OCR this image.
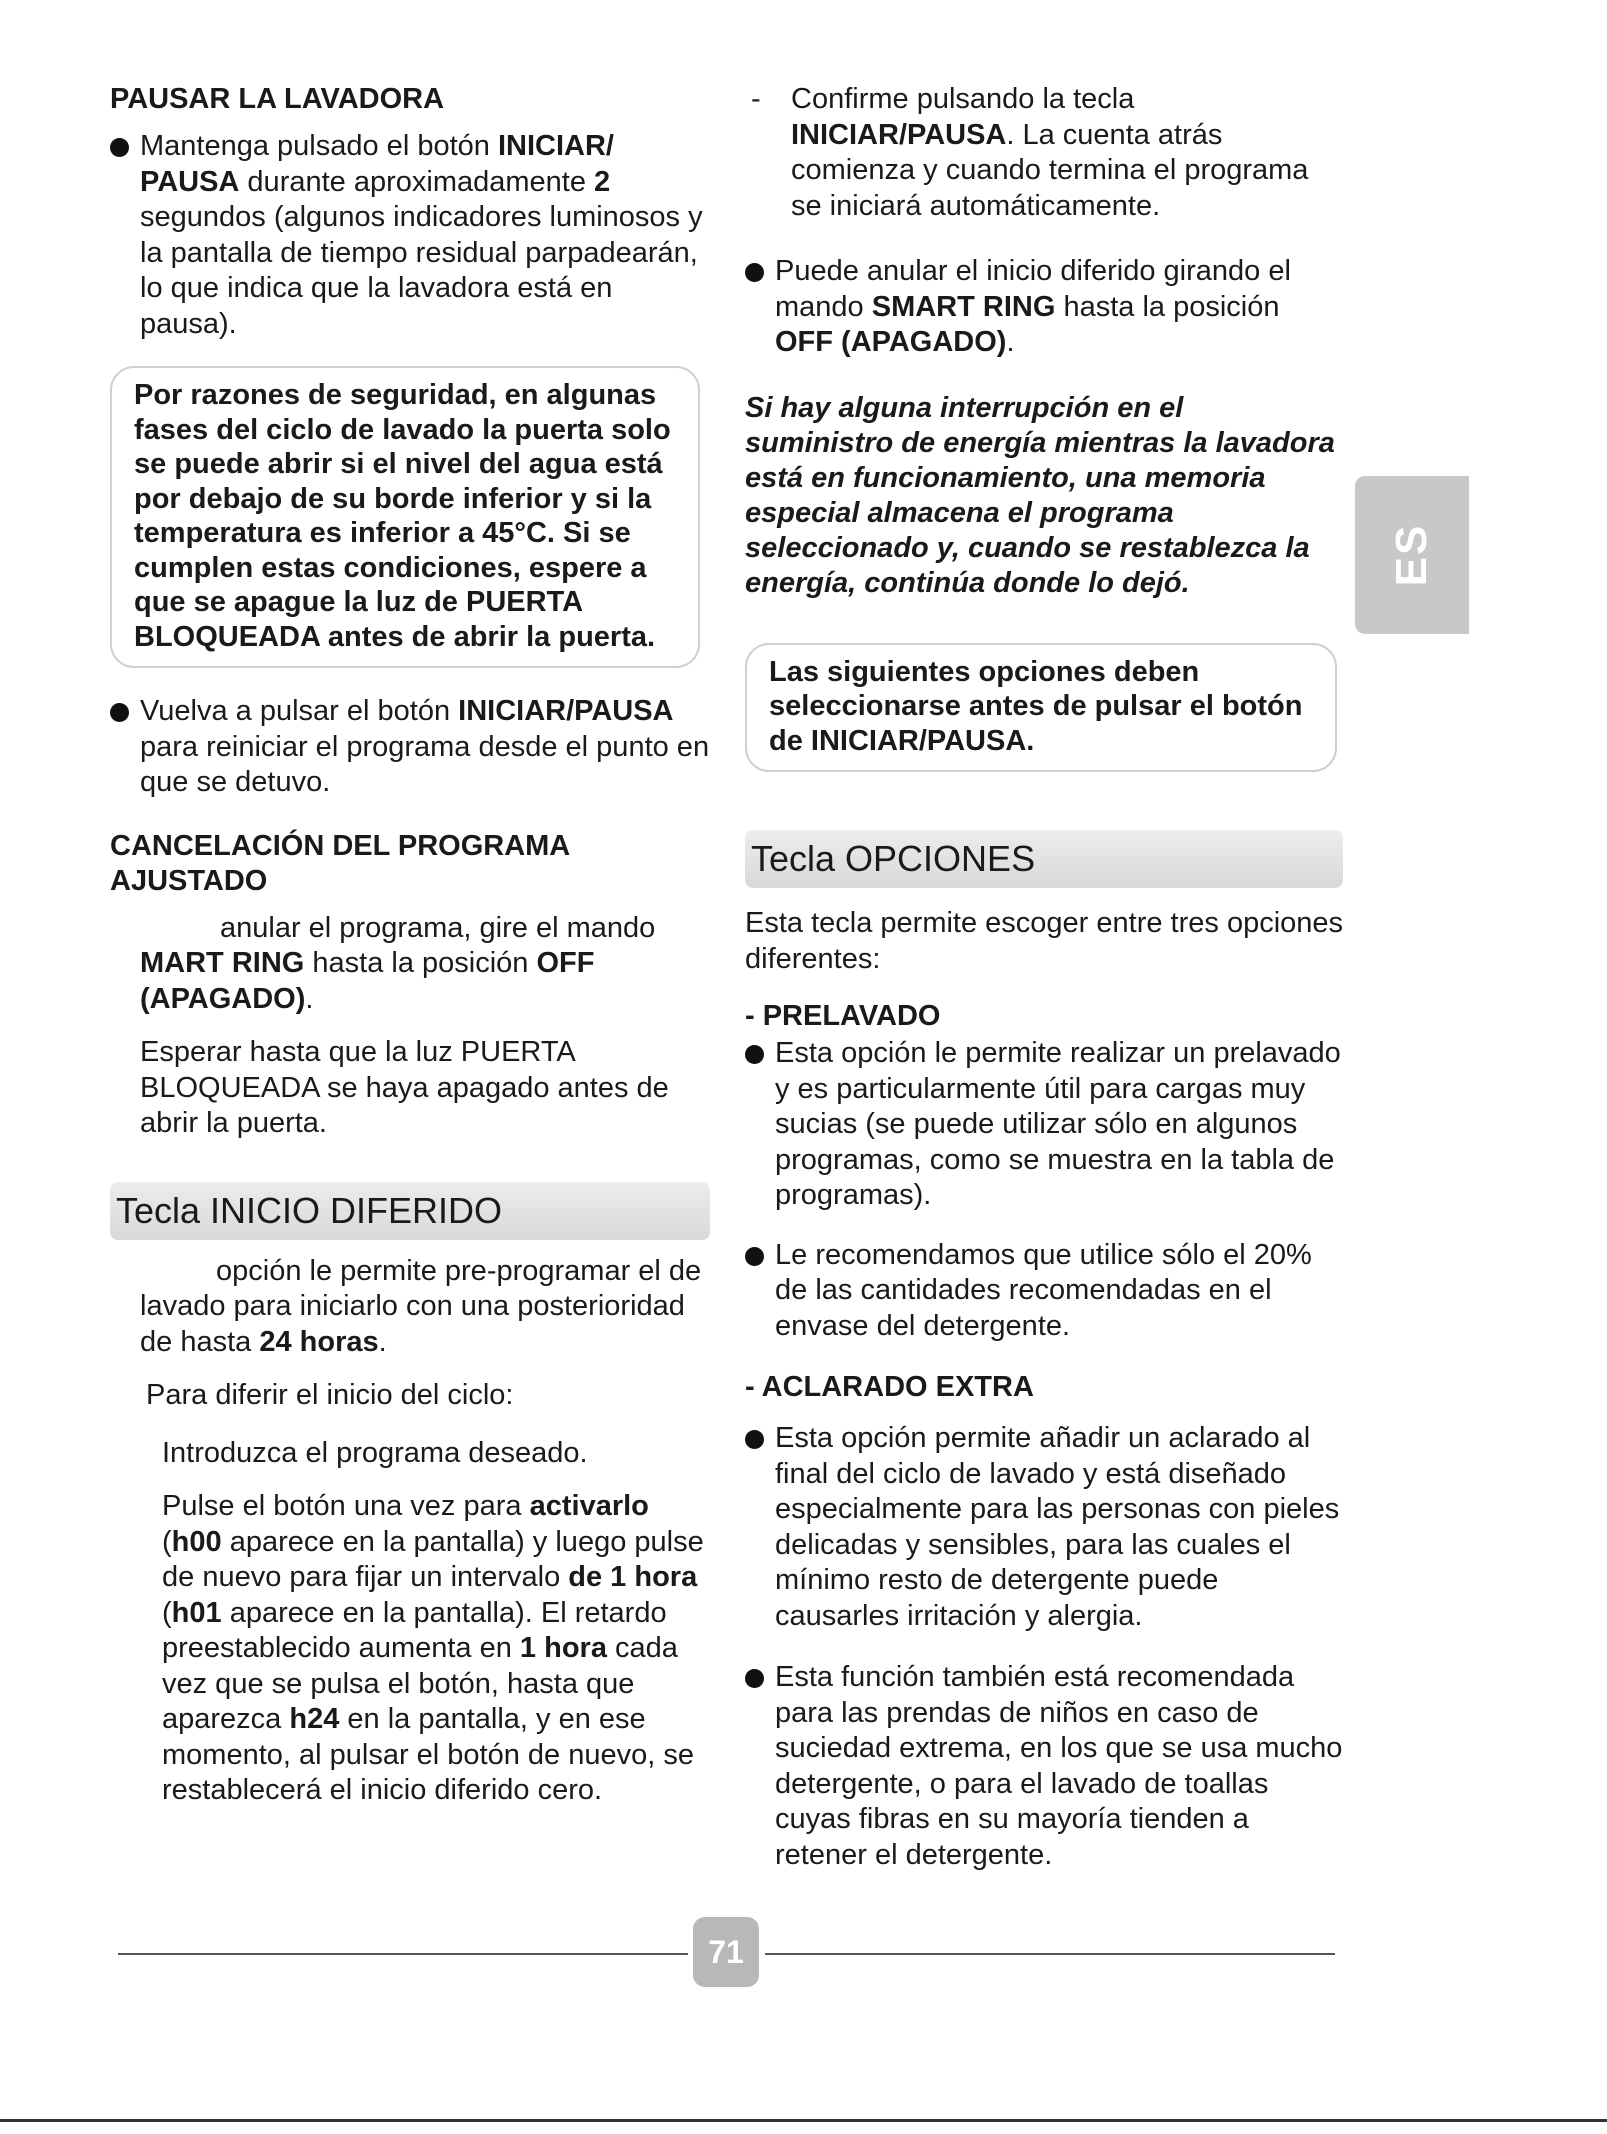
PAUSAR LA LAVADORA

Mantenga pulsado el botón INICIAR/ PAUSA durante aproximadamente 2 segundos (algunos indicadores luminosos y la pantalla de tiempo residual parpadearán, lo que indica que la lavadora está en pausa).

Por razones de seguridad, en algunas fases del ciclo de lavado la puerta solo se puede abrir si el nivel del agua está por debajo de su borde inferior y si la temperatura es inferior a 45°C. Si se cumplen estas condiciones, espere a que se apague la luz de PUERTA BLOQUEADA antes de abrir la puerta.

Vuelva a pulsar el botón INICIAR/PAUSA para reiniciar el programa desde el punto en que se detuvo.

CANCELACIÓN DEL PROGRAMA AJUSTADO

anular el programa, gire el mando MART RING hasta la posición OFF (APAGADO).

Esperar hasta que la luz PUERTA BLOQUEADA se haya apagado antes de abrir la puerta.

Tecla INICIO DIFERIDO

opción le permite pre-programar el de lavado para iniciarlo con una posterioridad de hasta 24 horas.

Para diferir el inicio del ciclo:

Introduzca el programa deseado.

Pulse el botón una vez para activarlo (h00 aparece en la pantalla) y luego pulse de nuevo para fijar un intervalo de 1 hora (h01 aparece en la pantalla). El retardo preestablecido aumenta en 1 hora cada vez que se pulsa el botón, hasta que aparezca h24 en la pantalla, y en ese momento, al pulsar el botón de nuevo, se restablecerá el inicio diferido cero.

- Confirme pulsando la tecla INICIAR/PAUSA. La cuenta atrás comienza y cuando termina el programa se iniciará automáticamente.

Puede anular el inicio diferido girando el mando SMART RING hasta la posición OFF (APAGADO).

Si hay alguna interrupción en el suministro de energía mientras la lavadora está en funcionamiento, una memoria especial almacena el programa seleccionado y, cuando se restablezca la energía, continúa donde lo dejó.

Las siguientes opciones deben seleccionarse antes de pulsar el botón de INICIAR/PAUSA.
Tecla OPCIONES

Esta tecla permite escoger entre tres opciones diferentes:

- PRELAVADO

Esta opción le permite realizar un prelavado y es particularmente útil para cargas muy sucias (se puede utilizar sólo en algunos programas, como se muestra en la tabla de programas).

Le recomendamos que utilice sólo el 20% de las cantidades recomendadas en el envase del detergente.

- ACLARADO EXTRA

Esta opción permite añadir un aclarado al final del ciclo de lavado y está diseñado especialmente para las personas con pieles delicadas y sensibles, para las cuales el mínimo resto de detergente puede causarles irritación y alergia.

Esta función también está recomendada para las prendas de niños en caso de suciedad extrema, en los que se usa mucho detergente, o para el lavado de toallas cuyas fibras en su mayoría tienden a retener el detergente.

ES
71
